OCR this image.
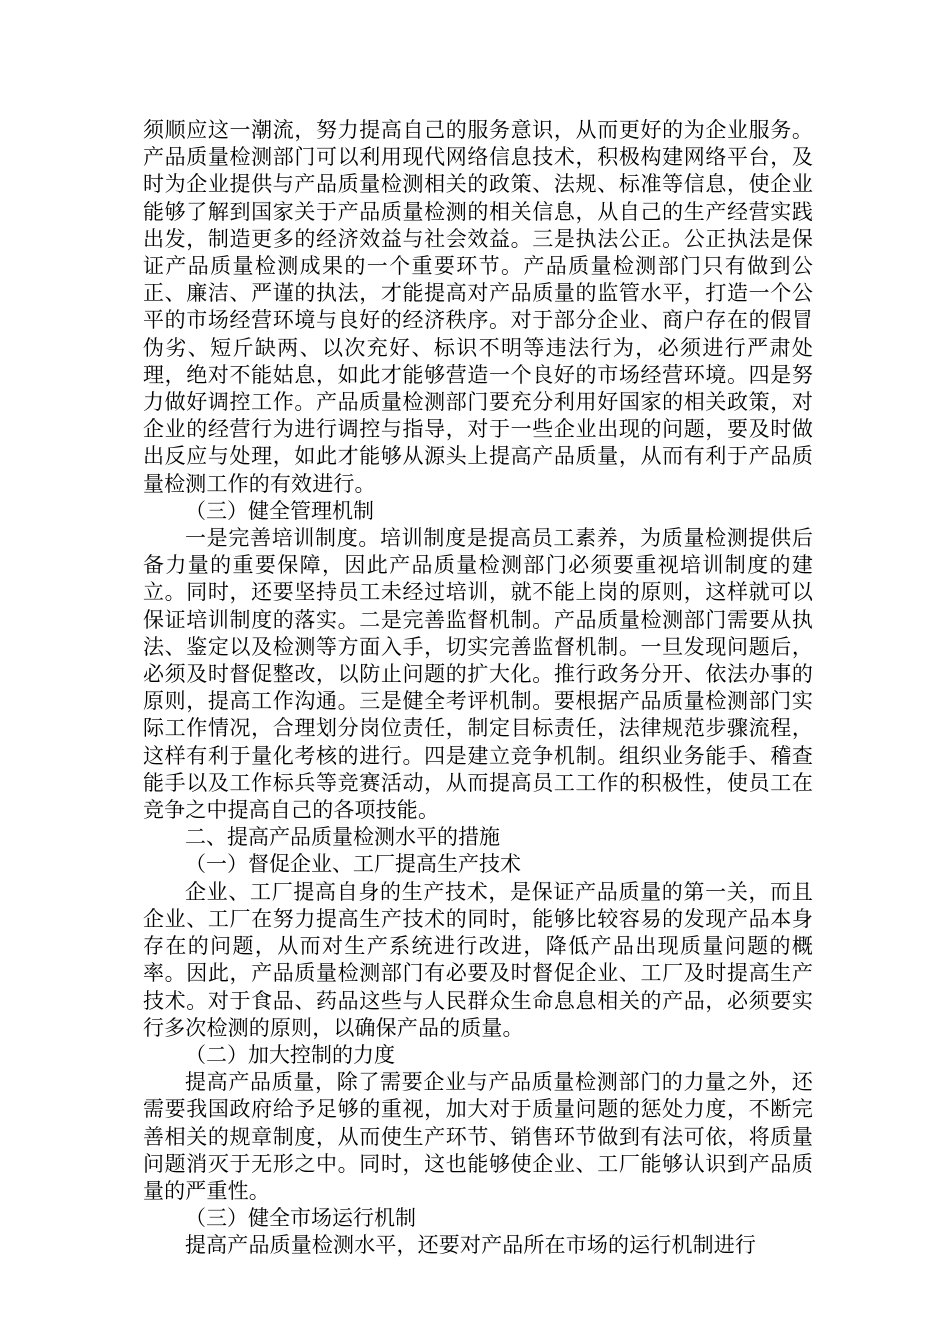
须顺应这一潮流，努力提高自己的服务意识，从而更好的为企业服务。产品质量检测部门可以利用现代网络信息技术，积极构建网络平台，及时为企业提供与产品质量检测相关的政策、法规、标准等信息，使企业能够了解到国家关于产品质量检测的相关信息，从自己的生产经营实践出发，制造更多的经济效益与社会效益。三是执法公正。公正执法是保证产品质量检测成果的一个重要环节。产品质量检测部门只有做到公正、廉洁、严谨的执法，才能提高对产品质量的监管水平，打造一个公平的市场经营环境与良好的经济秩序。对于部分企业、商户存在的假冒伪劣、短斤缺两、以次充好、标识不明等违法行为，必须进行严肃处理，绝对不能姑息，如此才能够营造一个良好的市场经营环境。四是努力做好调控工作。产品质量检测部门要充分利用好国家的相关政策，对企业的经营行为进行调控与指导，对于一些企业出现的问题，要及时做出反应与处理，如此才能够从源头上提高产品质量，从而有利于产品质量检测工作的有效进行。

（三）健全管理机制

一是完善培训制度。培训制度是提高员工素养，为质量检测提供后备力量的重要保障，因此产品质量检测部门必须要重视培训制度的建立。同时，还要坚持员工未经过培训，就不能上岗的原则，这样就可以保证培训制度的落实。二是完善监督机制。产品质量检测部门需要从执法、鉴定以及检测等方面入手，切实完善监督机制。一旦发现问题后，必须及时督促整改，以防止问题的扩大化。推行政务分开、依法办事的原则，提高工作沟通。三是健全考评机制。要根据产品质量检测部门实际工作情况，合理划分岗位责任，制定目标责任，法律规范步骤流程，这样有利于量化考核的进行。四是建立竞争机制。组织业务能手、稽查能手以及工作标兵等竞赛活动，从而提高员工工作的积极性，使员工在竞争之中提高自己的各项技能。

二、提高产品质量检测水平的措施

（一）督促企业、工厂提高生产技术

企业、工厂提高自身的生产技术，是保证产品质量的第一关，而且企业、工厂在努力提高生产技术的同时，能够比较容易的发现产品本身存在的问题，从而对生产系统进行改进，降低产品出现质量问题的概率。因此，产品质量检测部门有必要及时督促企业、工厂及时提高生产技术。对于食品、药品这些与人民群众生命息息相关的产品，必须要实行多次检测的原则，以确保产品的质量。

（二）加大控制的力度

提高产品质量，除了需要企业与产品质量检测部门的力量之外，还需要我国政府给予足够的重视，加大对于质量问题的惩处力度，不断完善相关的规章制度，从而使生产环节、销售环节做到有法可依，将质量问题消灭于无形之中。同时，这也能够使企业、工厂能够认识到产品质量的严重性。

（三）健全市场运行机制

提高产品质量检测水平，还要对产品所在市场的运行机制进行
